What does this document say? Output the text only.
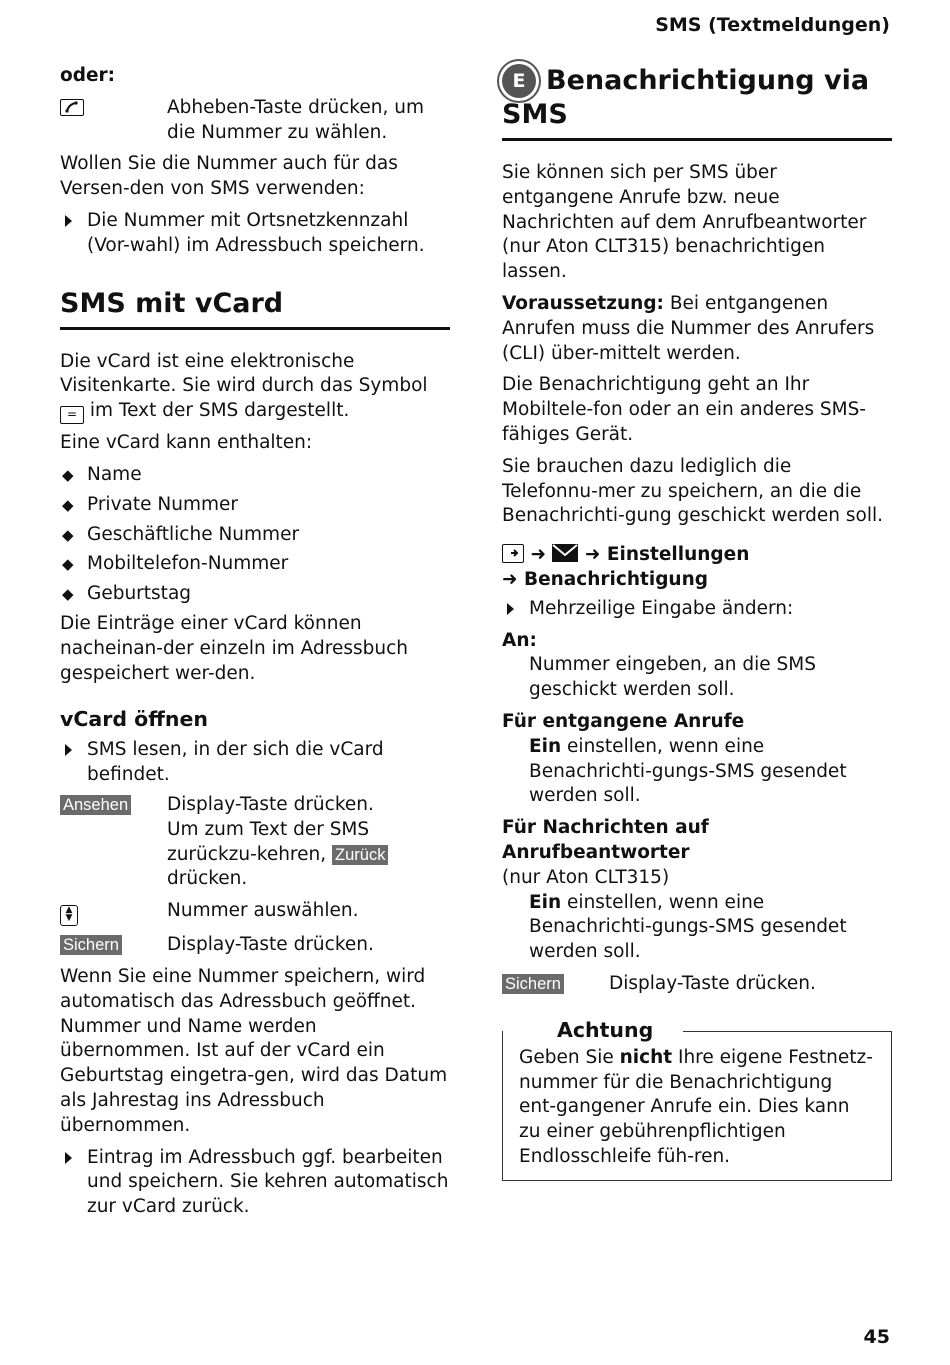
SMS (Textmeldungen)

oder:

Abheben-Taste drücken, um die Nummer zu wählen.

Wollen Sie die Nummer auch für das Versen-den von SMS verwenden:

Die Nummer mit Ortsnetzkennzahl (Vor-wahl) im Adressbuch speichern.
SMS mit vCard

Die vCard ist eine elektronische Visitenkarte. Sie wird durch das Symbol = im Text der SMS dargestellt.

Eine vCard kann enthalten:

◆ Name
◆ Private Nummer
◆ Geschäftliche Nummer
◆ Mobiltelefon-Nummer
◆ Geburtstag

Die Einträge einer vCard können nacheinan-der einzeln im Adressbuch gespeichert wer-den.

vCard öffnen
SMS lesen, in der sich die vCard befindet.
Ansehen	Display-Taste drücken.
Um zum Text der SMS zurückzu-kehren, Zurück drücken.
▲
▼	Nummer auswählen.
Sichern	Display-Taste drücken.

Wenn Sie eine Nummer speichern, wird automatisch das Adressbuch geöffnet. Nummer und Name werden übernommen. Ist auf der vCard ein Geburtstag eingetra-gen, wird das Datum als Jahrestag ins Adressbuch übernommen.

Eintrag im Adressbuch ggf. bearbeiten und speichern. Sie kehren automatisch zur vCard zurück.
E Benachrichtigung via SMS

Sie können sich per SMS über entgangene Anrufe bzw. neue Nachrichten auf dem Anrufbeantworter (nur Aton CLT315) benachrichtigen lassen.

Voraussetzung: Bei entgangenen Anrufen muss die Nummer des Anrufers (CLI) über-mittelt werden.

Die Benachrichtigung geht an Ihr Mobiltele-fon oder an ein anderes SMS-fähiges Gerät.

Sie brauchen dazu lediglich die Telefonnu-mer zu speichern, an die die Benachrichti-gung geschickt werden soll.

➜ ➜ Einstellungen
➜ Benachrichtigung
Mehrzeilige Eingabe ändern:
An:
Nummer eingeben, an die SMS geschickt werden soll.
Für entgangene Anrufe
Ein einstellen, wenn eine Benachrichti-gungs-SMS gesendet werden soll.
Für Nachrichten auf Anrufbeantworter
(nur Aton CLT315)
Ein einstellen, wenn eine Benachrichti-gungs-SMS gesendet werden soll.
Sichern	Display-Taste drücken.
Achtung
Geben Sie nicht Ihre eigene Festnetz-nummer für die Benachrichtigung ent-gangener Anrufe ein. Dies kann zu einer gebührenpflichtigen Endlosschleife füh-ren.
45
